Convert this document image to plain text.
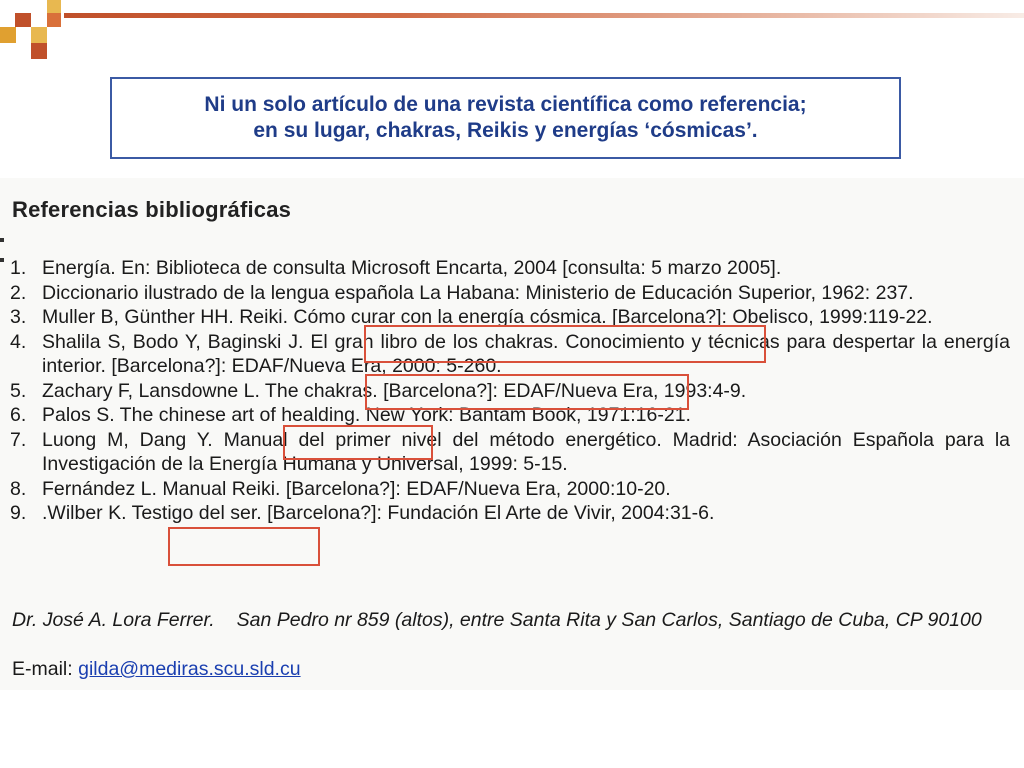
Ni un solo artículo de una revista científica como referencia;
en su lugar, chakras, Reikis y energías ‘cósmicas’.
Referencias bibliográficas
1. Energía. En: Biblioteca de consulta Microsoft Encarta, 2004 [consulta: 5 marzo 2005].
2. Diccionario ilustrado de la lengua española La Habana: Ministerio de Educación Superior, 1962: 237.
3. Muller B, Günther HH. Reiki. Cómo curar con la energía cósmica. [Barcelona?]: Obelisco, 1999:119-22.
4. Shalila S, Bodo Y, Baginski J. El gran libro de los chakras. Conocimiento y técnicas para despertar la energía interior. [Barcelona?]: EDAF/Nueva Era, 2000: 5-260.
5. Zachary F, Lansdowne L. The chakras. [Barcelona?]: EDAF/Nueva Era, 1993:4-9.
6. Palos S. The chinese art of healding. New York: Bantam Book, 1971:16-21.
7. Luong M, Dang Y. Manual del primer nivel del método energético. Madrid: Asociación Española para la Investigación de la Energía Humana y Universal, 1999: 5-15.
8. Fernández L. Manual Reiki. [Barcelona?]: EDAF/Nueva Era, 2000:10-20.
9. .Wilber K. Testigo del ser. [Barcelona?]: Fundación El Arte de Vivir, 2004:31-6.
Dr. José A. Lora Ferrer. San Pedro nr 859 (altos), entre Santa Rita y San Carlos, Santiago de Cuba, CP 90100
E-mail: gilda@mediras.scu.sld.cu
